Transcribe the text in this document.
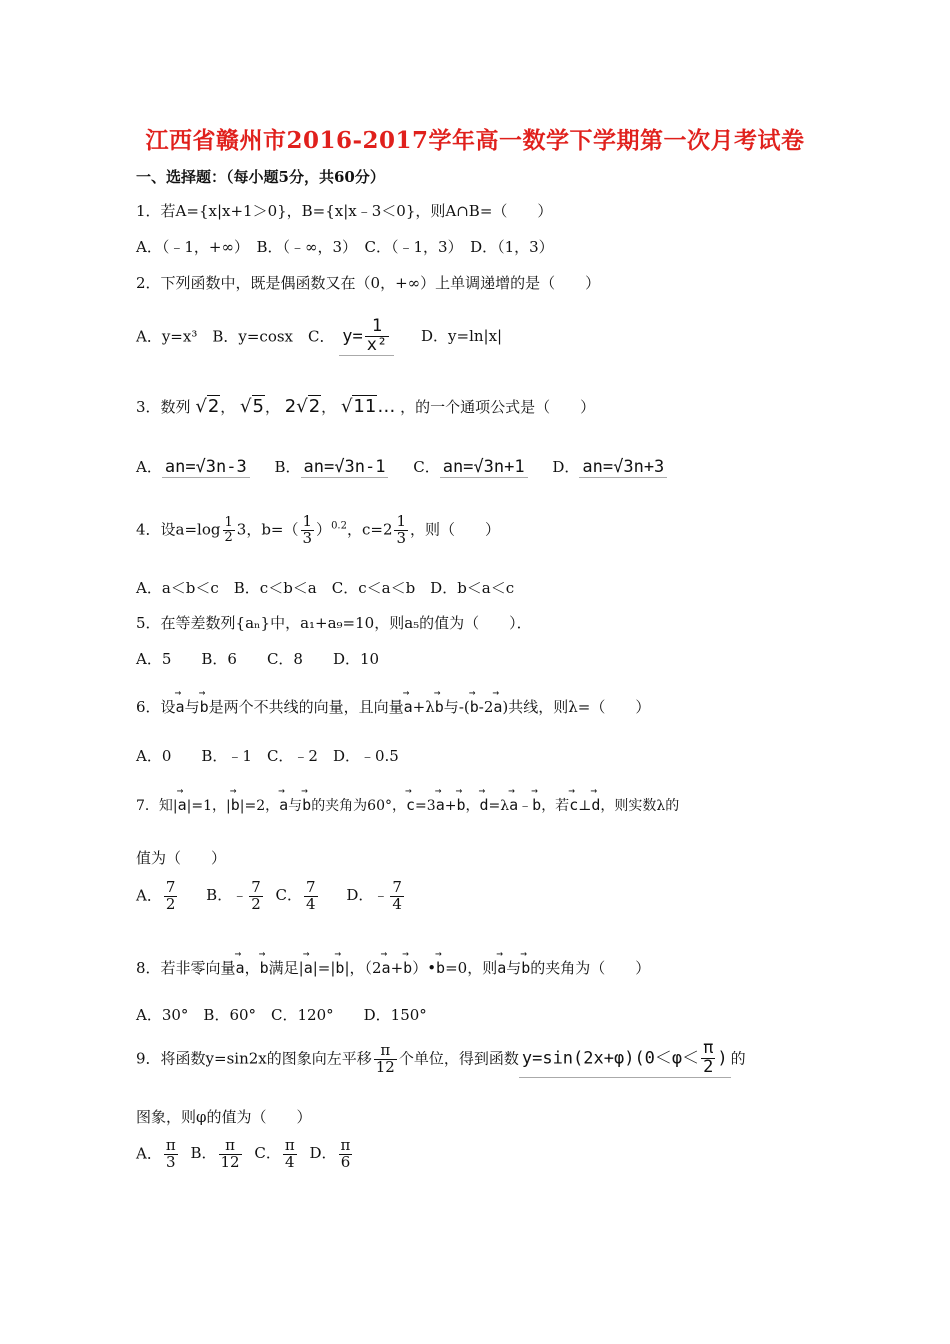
江西省赣州市2016-2017学年高一数学下学期第一次月考试卷
一、选择题：（每小题5分，共60分）
1．若A={x|x+1＞0}，B={x|x﹣3＜0}，则A∩B=（　　）
A．（﹣1，+∞）　B．（﹣∞，3）　C．（﹣1，3）　D．（1，3）
2．下列函数中，既是偶函数又在（0，+∞）上单调递增的是（　　）
A．y=x³　B．y=cosx　C． $y= \frac{1}{\text{x²}}$ D．y=ln|x|
3．数列 √2， √5， 2√2， √11… ，的一个通项公式是（　　）
A． an=√3n-3 B． an=√3n-1 C． an=√3n+1 D． an=√3n+3
4．设$a=\log \frac{1}{2} 3$，$b=( \frac{1}{3} )^{0.2}$，$c=2 \frac{1}{3}$ ，则（　　）
A．a＜b＜c　B．c＜b＜a　C．c＜a＜b　D．b＜a＜c
5．在等差数列{aₙ}中，a₁+a₉=10，则a₅的值为（　　）．
A．5　　B．6　　C．8　　D．10
6．设→ a与→ b是两个不共线的向量，且向量→ a+λ→ b与-(→ b-2→ a)共线，则λ=（　　）
A．0　　B．﹣1　C．﹣2　D．﹣0.5
7．知|→ a|=1，|→ b|=2，→ a与→ b的夹角为60°，→ c=3→ a+→ b，→ d=λ→ a﹣→ b，若→ c⊥→ d，则实数λ的
值为（　　）
A． $\frac{7}{2}$ B．﹣ $\frac{7}{2}$ C． $\frac{7}{4}$ D．﹣ $\frac{7}{4}$
8．若非零向量→ a，→ b满足|→ a|=|→ b|，（2→ a+→ b）•→ b=0，则→ a与→ b的夹角为（　　）
A．30°　B．60°　C．120°　　D．150°
9．将函数y=sin2x的图象向左平移 $\frac{\pi}{12}$ 个单位，得到函数 $y=\sin(2x+\varphi)(0<\varphi< \frac{\pi}{2}$ ) 的
图象，则φ的值为（　　）
A． $\frac{\pi}{3}$ B． $\frac{\pi}{12}$ C． $\frac{\pi}{4}$ D． $\frac{\pi}{6}$
